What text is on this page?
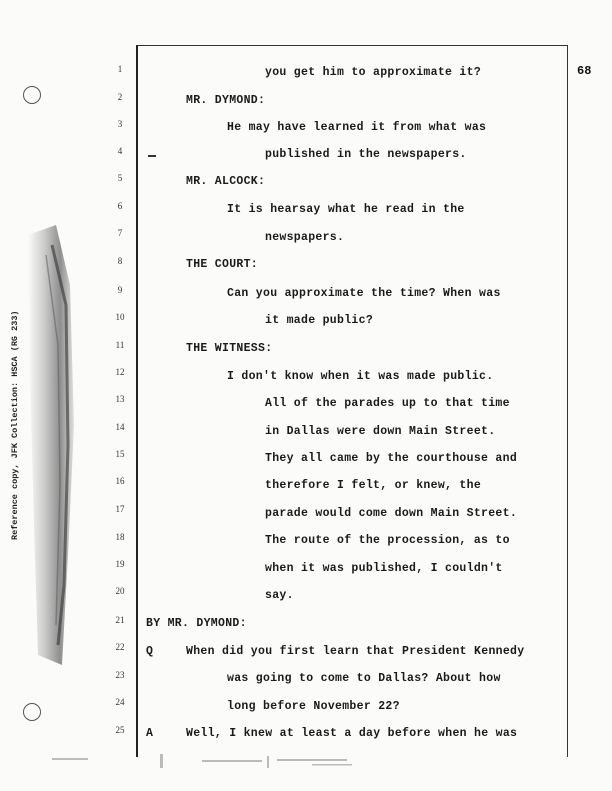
Reference copy, JFK Collection: HSCA (RG 233)
68
1
2
3
4
5
6
7
8
9
10
11
12
13
14
15
16
17
18
19
20
21
22
23
24
25
you get him to approximate it?
MR. DYMOND:
He may have learned it from what was
published in the newspapers.
MR. ALCOCK:
It is hearsay what he read in the
newspapers.
THE COURT:
Can you approximate the time? When was
it made public?
THE WITNESS:
I don't know when it was made public.
All of the parades up to that time
in Dallas were down Main Street.
They all came by the courthouse and
therefore I felt, or knew, the
parade would come down Main Street.
The route of the procession, as to
when it was published, I couldn't
say.
BY MR. DYMOND:
Q	When did you first learn that President Kennedy
was going to come to Dallas? About how
long before November 22?
A	Well, I knew at least a day before when he was
